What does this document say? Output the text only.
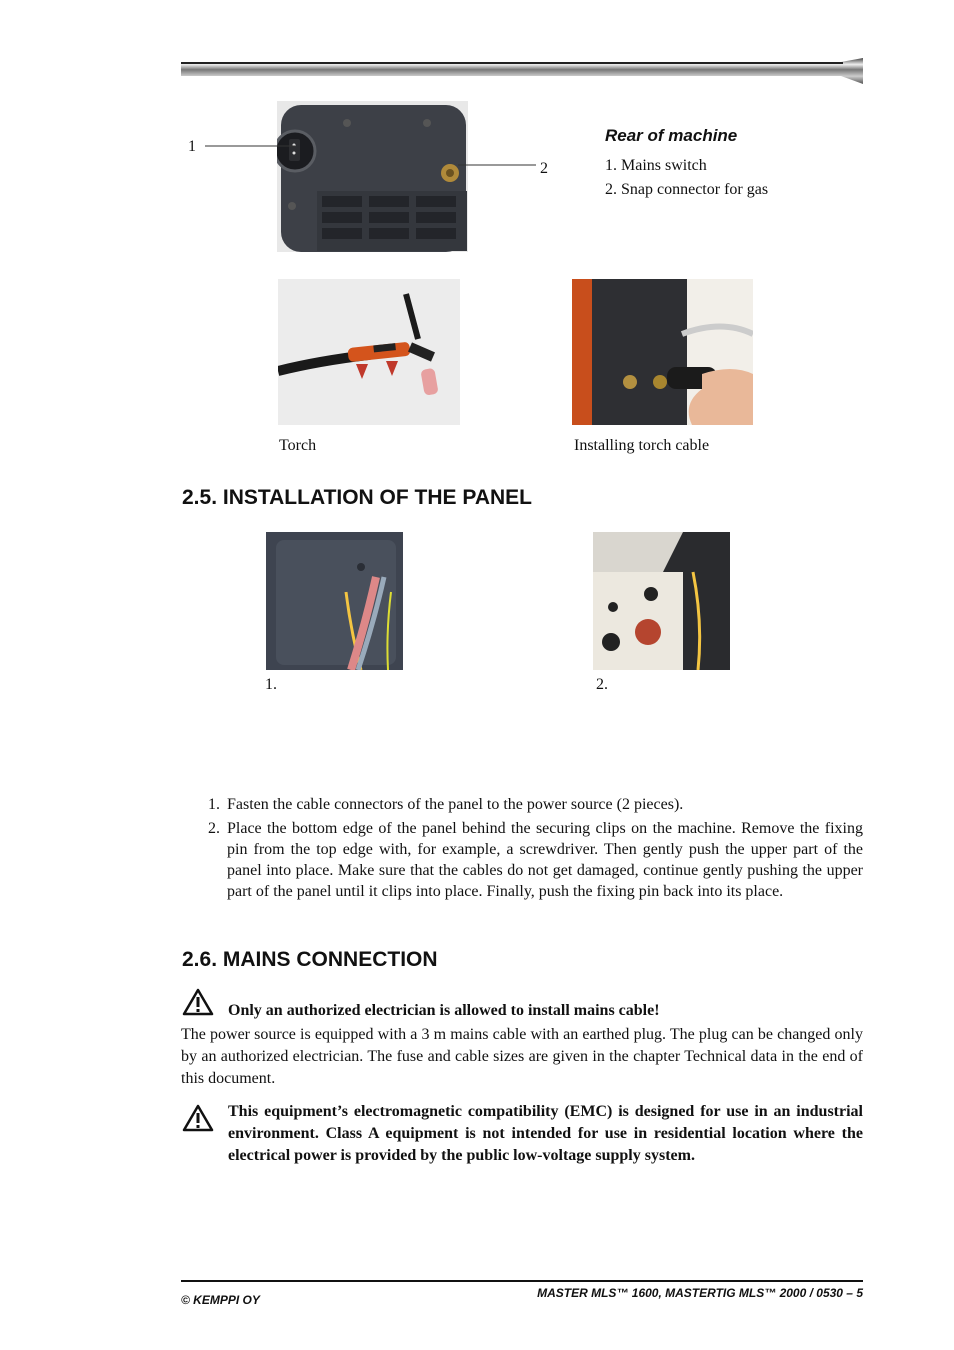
1
2
Rear of machine
1. Mains switch
2. Snap connector for gas
Torch	Installing torch cable
2.5. INSTALLATION OF THE PANEL
1.	2.
1. Fasten the cable connectors of the panel to the power source (2 pieces).
2. Place the bottom edge of the panel behind the securing clips on the machine. Remove the fixing pin from the top edge with, for example, a screwdriver. Then gently push the upper part of the panel into place. Make sure that the cables do not get damaged, continue gently pushing the upper part of the panel until it clips into place. Finally, push the fixing pin back into its place.
2.6. MAINS CONNECTION
Only an authorized electrician is allowed to install mains cable!
The power source is equipped with a 3 m mains cable with an earthed plug. The plug can be changed only by an authorized electrician. The fuse and cable sizes are given in the chapter Technical data in the end of this document.
This equipment’s electromagnetic compatibility (EMC) is designed for use in an industrial environment. Class A equipment is not intended for use in residential location where the electrical power is provided by the public low-voltage supply system.
MASTER MLS™ 1600, MASTERTIG MLS™ 2000 / 0530 – 5
© KEMPPI OY
